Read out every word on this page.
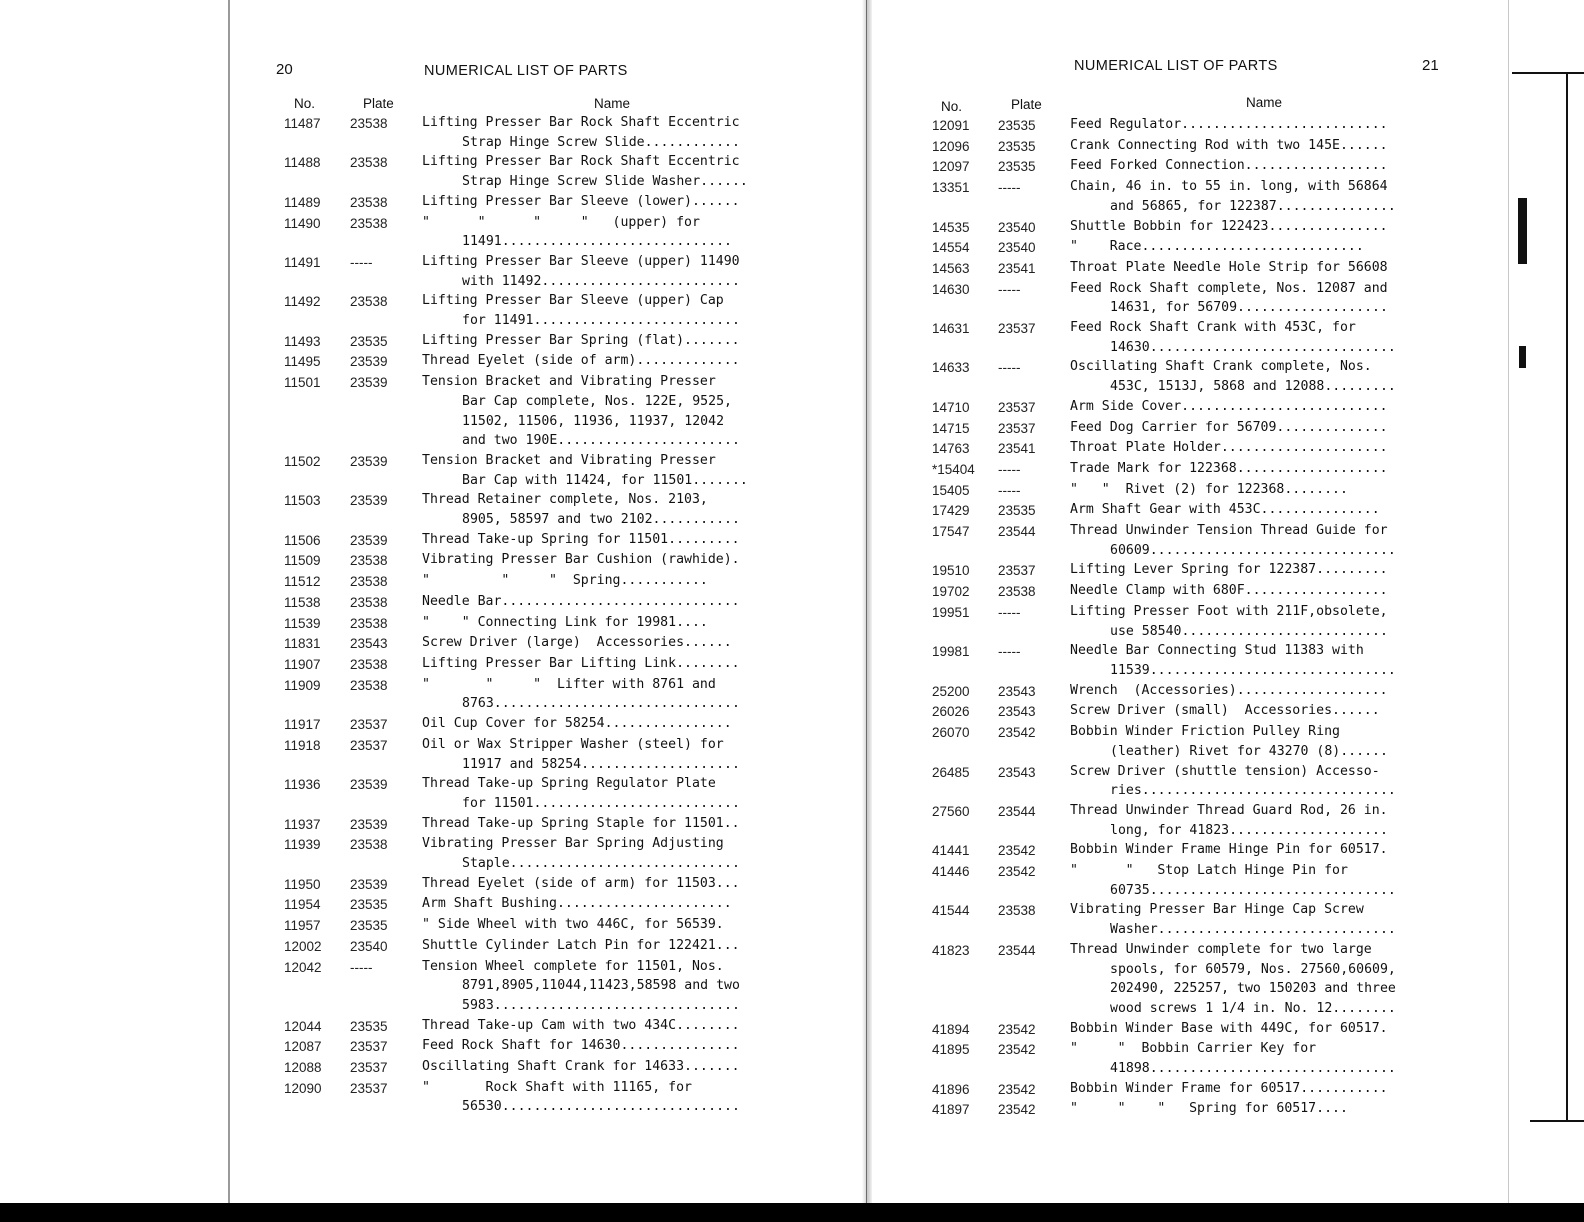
20	NUMERICAL LIST OF PARTS
No.	Plate	Name
11487	23538	Lifting Presser Bar Rock Shaft Eccentric
Strap Hinge Screw Slide............
11488	23538	Lifting Presser Bar Rock Shaft Eccentric
Strap Hinge Screw Slide Washer......
11489	23538	Lifting Presser Bar Sleeve (lower)......
11490	23538	"      "      "     "   (upper) for
11491.............................
11491	-----	Lifting Presser Bar Sleeve (upper) 11490
with 11492.........................
11492	23538	Lifting Presser Bar Sleeve (upper) Cap
for 11491..........................
11493	23535	Lifting Presser Bar Spring (flat).......
11495	23539	Thread Eyelet (side of arm).............
11501	23539	Tension Bracket and Vibrating Presser
Bar Cap complete, Nos. 122E, 9525,
11502, 11506, 11936, 11937, 12042
and two 190E.......................
11502	23539	Tension Bracket and Vibrating Presser
Bar Cap with 11424, for 11501.......
11503	23539	Thread Retainer complete, Nos. 2103,
8905, 58597 and two 2102...........
11506	23539	Thread Take-up Spring for 11501.........
11509	23538	Vibrating Presser Bar Cushion (rawhide).
11512	23538	"         "     "  Spring...........
11538	23538	Needle Bar..............................
11539	23538	"    " Connecting Link for 19981....
11831	23543	Screw Driver (large)  Accessories......
11907	23538	Lifting Presser Bar Lifting Link........
11909	23538	"       "     "  Lifter with 8761 and
8763...............................
11917	23537	Oil Cup Cover for 58254................
11918	23537	Oil or Wax Stripper Washer (steel) for
11917 and 58254....................
11936	23539	Thread Take-up Spring Regulator Plate
for 11501..........................
11937	23539	Thread Take-up Spring Staple for 11501..
11939	23538	Vibrating Presser Bar Spring Adjusting
Staple.............................
11950	23539	Thread Eyelet (side of arm) for 11503...
11954	23535	Arm Shaft Bushing......................
11957	23535	" Side Wheel with two 446C, for 56539.
12002	23540	Shuttle Cylinder Latch Pin for 122421...
12042	-----	Tension Wheel complete for 11501, Nos.
8791,8905,11044,11423,58598 and two
5983...............................
12044	23535	Thread Take-up Cam with two 434C........
12087	23537	Feed Rock Shaft for 14630...............
12088	23537	Oscillating Shaft Crank for 14633.......
12090	23537	"       Rock Shaft with 11165, for
56530..............................
21
NUMERICAL LIST OF PARTS
No.	Plate	Name
12091	23535	Feed Regulator..........................
12096	23535	Crank Connecting Rod with two 145E......
12097	23535	Feed Forked Connection..................
13351	-----	Chain, 46 in. to 55 in. long, with 56864
and 56865, for 122387...............
14535	23540	Shuttle Bobbin for 122423...............
14554	23540	"    Race............................
14563	23541	Throat Plate Needle Hole Strip for 56608
14630	-----	Feed Rock Shaft complete, Nos. 12087 and
14631, for 56709...................
14631	23537	Feed Rock Shaft Crank with 453C, for
14630...............................
14633	-----	Oscillating Shaft Crank complete, Nos.
453C, 1513J, 5868 and 12088.........
14710	23537	Arm Side Cover..........................
14715	23537	Feed Dog Carrier for 56709..............
14763	23541	Throat Plate Holder.....................
*15404	-----	Trade Mark for 122368...................
15405	-----	"   "  Rivet (2) for 122368........
17429	23535	Arm Shaft Gear with 453C...............
17547	23544	Thread Unwinder Tension Thread Guide for
60609...............................
19510	23537	Lifting Lever Spring for 122387.........
19702	23538	Needle Clamp with 680F..................
19951	-----	Lifting Presser Foot with 211F,obsolete,
use 58540..........................
19981	-----	Needle Bar Connecting Stud 11383 with
11539...............................
25200	23543	Wrench  (Accessories)...................
26026	23543	Screw Driver (small)  Accessories......
26070	23542	Bobbin Winder Friction Pulley Ring
(leather) Rivet for 43270 (8)......
26485	23543	Screw Driver (shuttle tension) Accesso-
ries................................
27560	23544	Thread Unwinder Thread Guard Rod, 26 in.
long, for 41823....................
41441	23542	Bobbin Winder Frame Hinge Pin for 60517.
41446	23542	"      "   Stop Latch Hinge Pin for
60735...............................
41544	23538	Vibrating Presser Bar Hinge Cap Screw
Washer..............................
41823	23544	Thread Unwinder complete for two large
spools, for 60579, Nos. 27560,60609,
202490, 225257, two 150203 and three
wood screws 1 1/4 in. No. 12........
41894	23542	Bobbin Winder Base with 449C, for 60517.
41895	23542	"     "  Bobbin Carrier Key for
41898...............................
41896	23542	Bobbin Winder Frame for 60517...........
41897	23542	"     "    "   Spring for 60517....
